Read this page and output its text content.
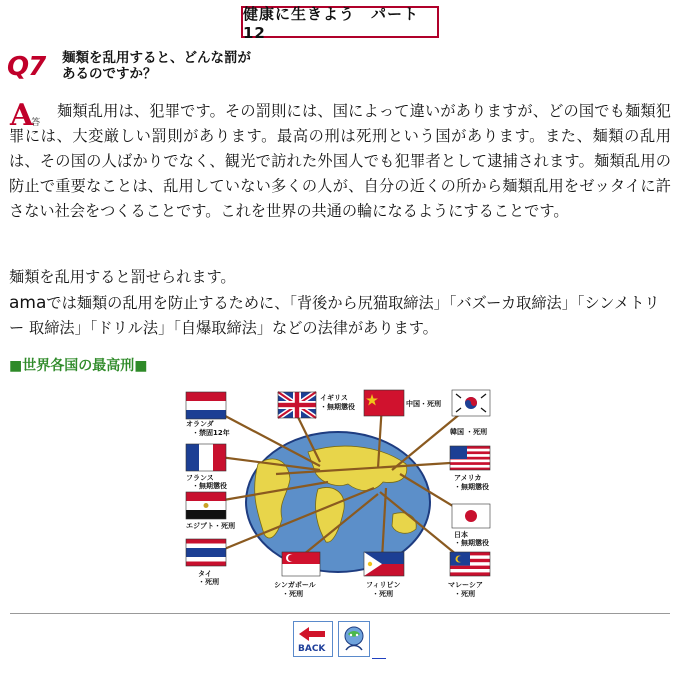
健康に生きよう　パート12
Q7 麺類を乱用すると、どんな罰が
あるのですか？
A答
麺類乱用は、犯罪です。その罰則には、国によって違いがありますが、どの国でも麺類犯罪には、大変厳しい罰則があります。最高の刑は死刑という国があります。また、麺類の乱用は、その国の人ばかりでなく、観光で訪れた外国人でも犯罪者として逮捕されます。麺類乱用の防止で重要なことは、乱用していない多くの人が、自分の近くの所から麺類乱用をゼッタイに許さない社会をつくることです。これを世界の共通の輪になるようにすることです。
麺類を乱用すると罰せられます。
amaでは麺類の乱用を防止するために、「背後から尻猫取締法」「バズーカ取締法」「シンメトリー 取締法」「ドリル法」「自爆取締法」などの法律があります。
■世界各国の最高刑■
オランダ
・禁固12年
フランス
・無期懲役
エジプト ・死刑
タイ
・死刑	シンガポール
・死刑
フィリピン
・死刑
マレーシア
・死刑
日本
・無期懲役
アメリカ
・無期懲役
韓国 ・死刑
中国 ・死刑
イギリス
・無期懲役
BACK
